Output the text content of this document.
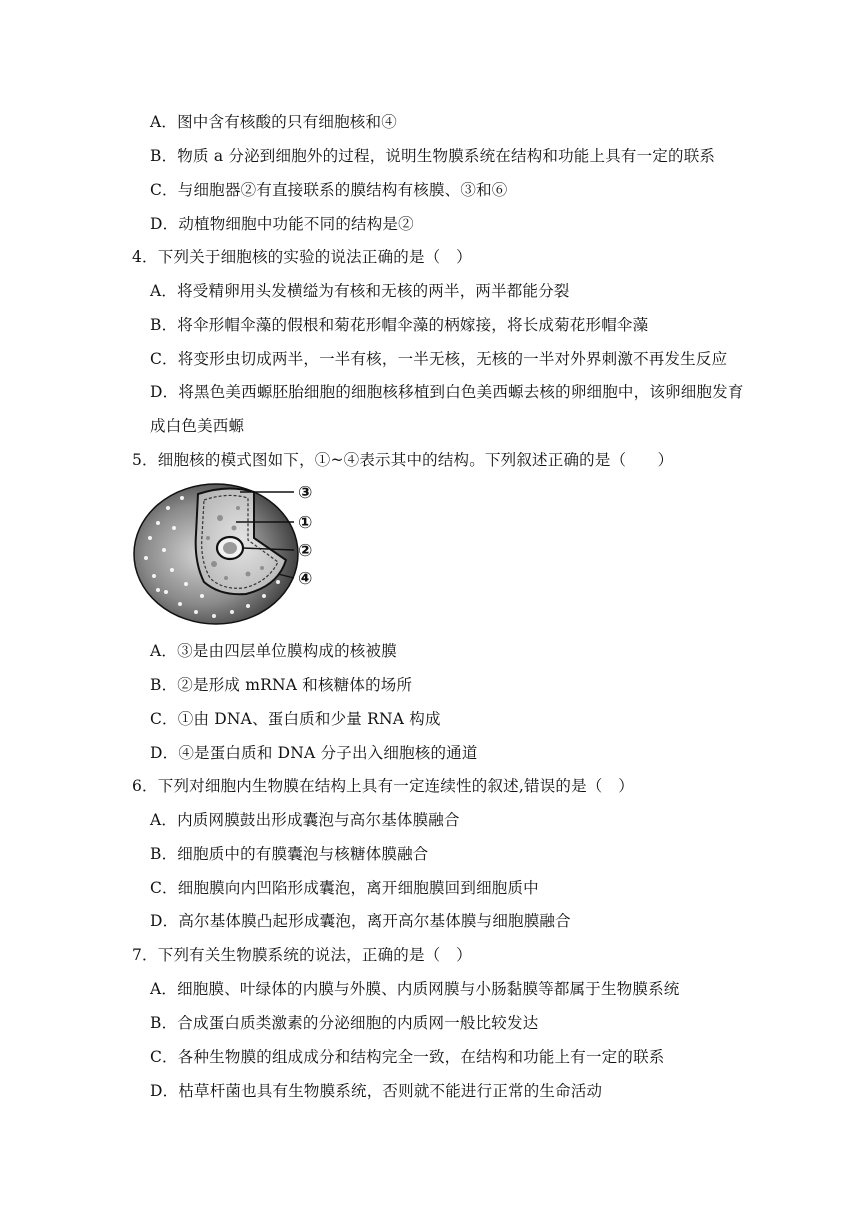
A．图中含有核酸的只有细胞核和④
B．物质 a 分泌到细胞外的过程，说明生物膜系统在结构和功能上具有一定的联系
C．与细胞器②有直接联系的膜结构有核膜、③和⑥
D．动植物细胞中功能不同的结构是②
4．下列关于细胞核的实验的说法正确的是（　）
A．将受精卵用头发横缢为有核和无核的两半，两半都能分裂
B．将伞形帽伞藻的假根和菊花形帽伞藻的柄嫁接，将长成菊花形帽伞藻
C．将变形虫切成两半，一半有核，一半无核，无核的一半对外界刺激不再发生反应
D．将黑色美西螈胚胎细胞的细胞核移植到白色美西螈去核的卵细胞中，该卵细胞发育
成白色美西螈
5．细胞核的模式图如下，①~④表示其中的结构。下列叙述正确的是（　　）
③
①
②
④
A．③是由四层单位膜构成的核被膜
B．②是形成 mRNA 和核糖体的场所
C．①由 DNA、蛋白质和少量 RNA 构成
D．④是蛋白质和 DNA 分子出入细胞核的通道
6．下列对细胞内生物膜在结构上具有一定连续性的叙述,错误的是（　）
A．内质网膜鼓出形成囊泡与高尔基体膜融合
B．细胞质中的有膜囊泡与核糖体膜融合
C．细胞膜向内凹陷形成囊泡，离开细胞膜回到细胞质中
D．高尔基体膜凸起形成囊泡，离开高尔基体膜与细胞膜融合
7．下列有关生物膜系统的说法，正确的是（　）
A．细胞膜、叶绿体的内膜与外膜、内质网膜与小肠黏膜等都属于生物膜系统
B．合成蛋白质类激素的分泌细胞的内质网一般比较发达
C．各种生物膜的组成成分和结构完全一致，在结构和功能上有一定的联系
D．枯草杆菌也具有生物膜系统，否则就不能进行正常的生命活动
